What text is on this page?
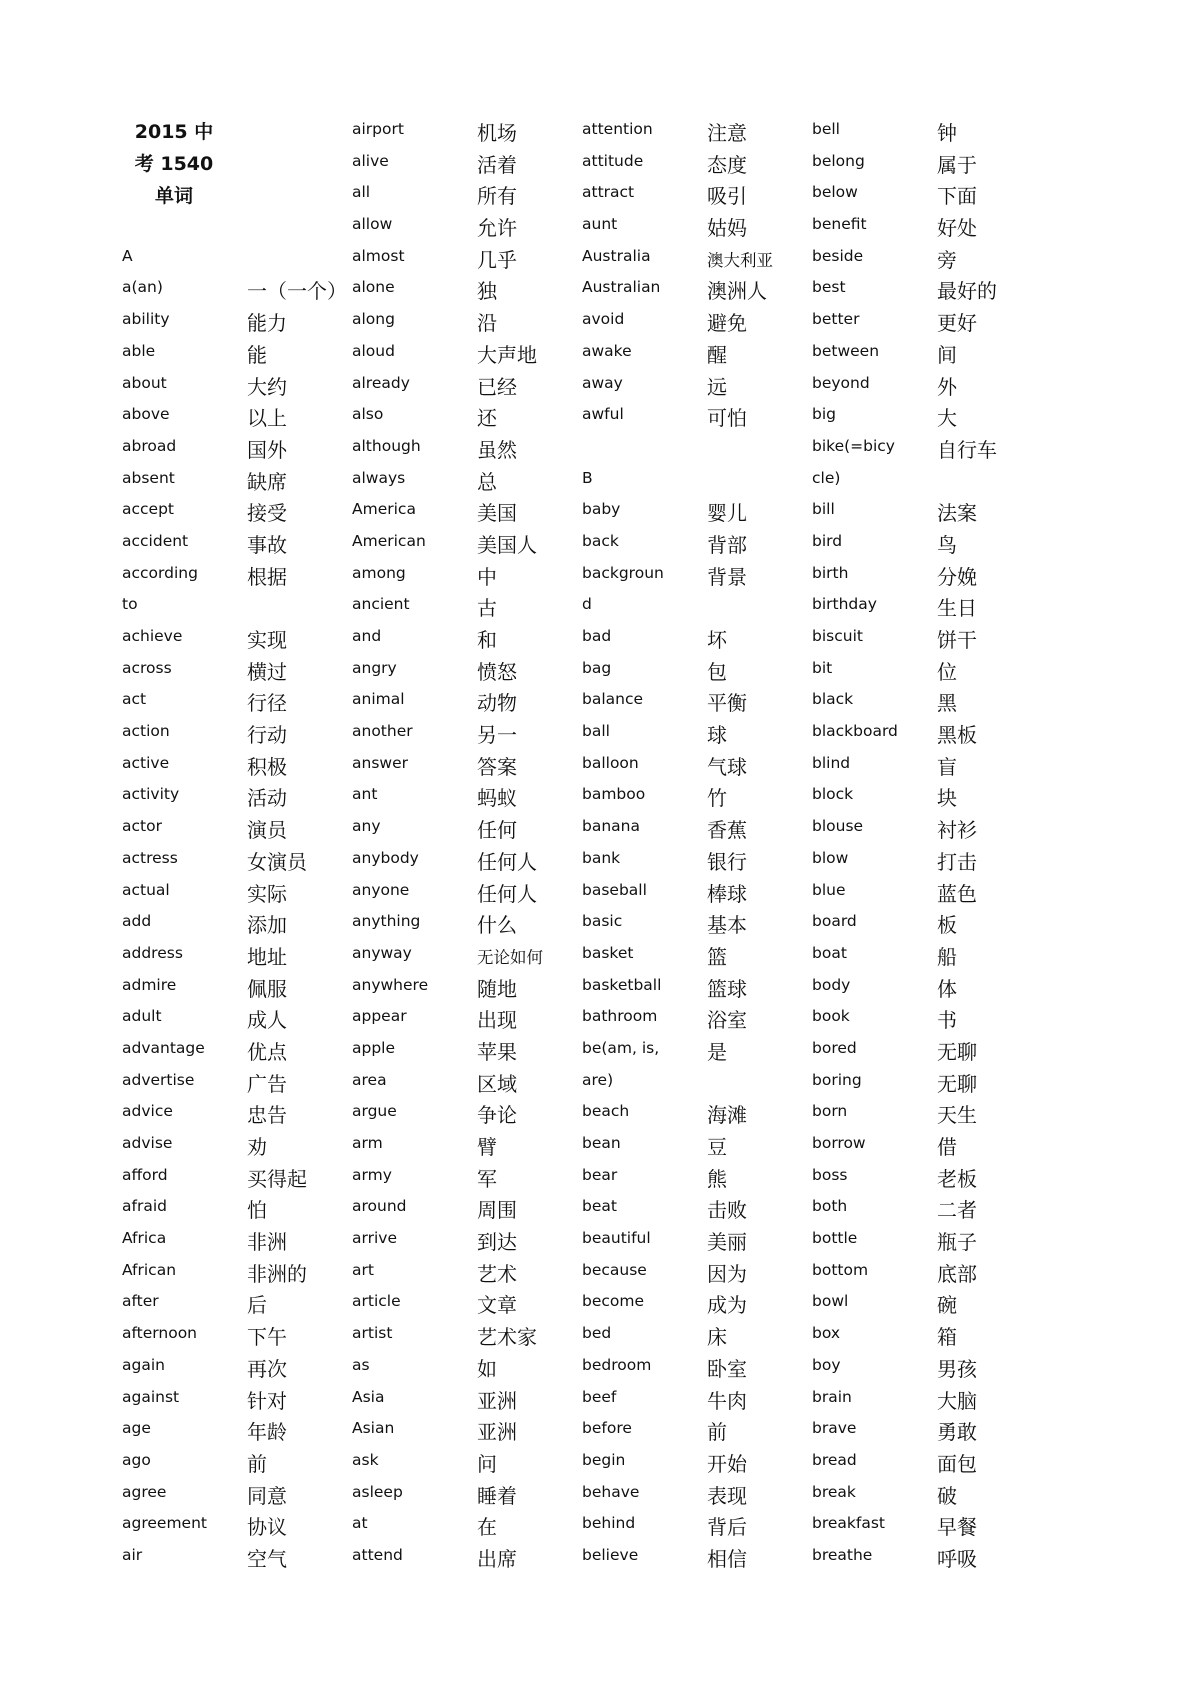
2015 中
考 1540
单词
A
a(an)	一（一个）
ability	能力
able	能
about	大约
above	以上
abroad	国外
absent	缺席
accept	接受
accident	事故
according 根据
to
achieve	实现
across	横过
act	行径
action	行动
active	积极
activity	活动
actor	演员
actress	女演员
actual	实际
add	添加
address	地址
admire	佩服
adult	成人
advantage 优点
advertise	广告
advice	忠告
advise	劝
afford	买得起
afraid	怕
Africa	非洲
African	非洲的
after	后
afternoon 下午
again	再次
against	针对
age	年龄
ago	前
agree	同意
agreement 协议
air	空气
airport	机场
alive	活着
all	所有
allow	允许
almost	几乎
alone	独
along	沿
aloud	大声地
already	已经
also	还
although	虽然
always	总
America	美国
American	美国人
among	中
ancient	古
and	和
angry	愤怒
animal	动物
another	另一
answer	答案
ant	蚂蚁
any	任何
anybody	任何人
anyone	任何人
anything	什么
anyway	无论如何
anywhere 随地
appear	出现
apple	苹果
area	区域
argue	争论
arm	臂
army	军
around	周围
arrive	到达
art	艺术
article	文章
artist	艺术家
as	如
Asia	亚洲
Asian	亚洲
ask	问
asleep	睡着
at	在
attend	出席
attention	注意
attitude	态度
attract	吸引
aunt	姑妈
Australia	澳大利亚
Australian 澳洲人
avoid	避免
awake	醒
away	远
awful	可怕
B
baby	婴儿
back	背部
backgroun 背景
d
bad	坏
bag	包
balance	平衡
ball	球
balloon	气球
bamboo	竹
banana	香蕉
bank	银行
baseball	棒球
basic	基本
basket	篮
basketball 篮球
bathroom 浴室
be(am, is, 是
are)
beach	海滩
bean	豆
bear	熊
beat	击败
beautiful	美丽
because	因为
become	成为
bed	床
bedroom	卧室
beef	牛肉
before	前
begin	开始
behave	表现
behind	背后
believe	相信
bell	钟
belong	属于
below	下面
benefit	好处
beside	旁
best	最好的
better	更好
between	间
beyond	外
big	大
bike(=bicy 自行车
cle)
bill	法案
bird	鸟
birth	分娩
birthday	生日
biscuit	饼干
bit	位
black	黑
blackboard 黑板
blind	盲
block	块
blouse	衬衫
blow	打击
blue	蓝色
board	板
boat	船
body	体
book	书
bored	无聊
boring	无聊
born	天生
borrow	借
boss	老板
both	二者
bottle	瓶子
bottom	底部
bowl	碗
box	箱
boy	男孩
brain	大脑
brave	勇敢
bread	面包
break	破
breakfast	早餐
breathe	呼吸
